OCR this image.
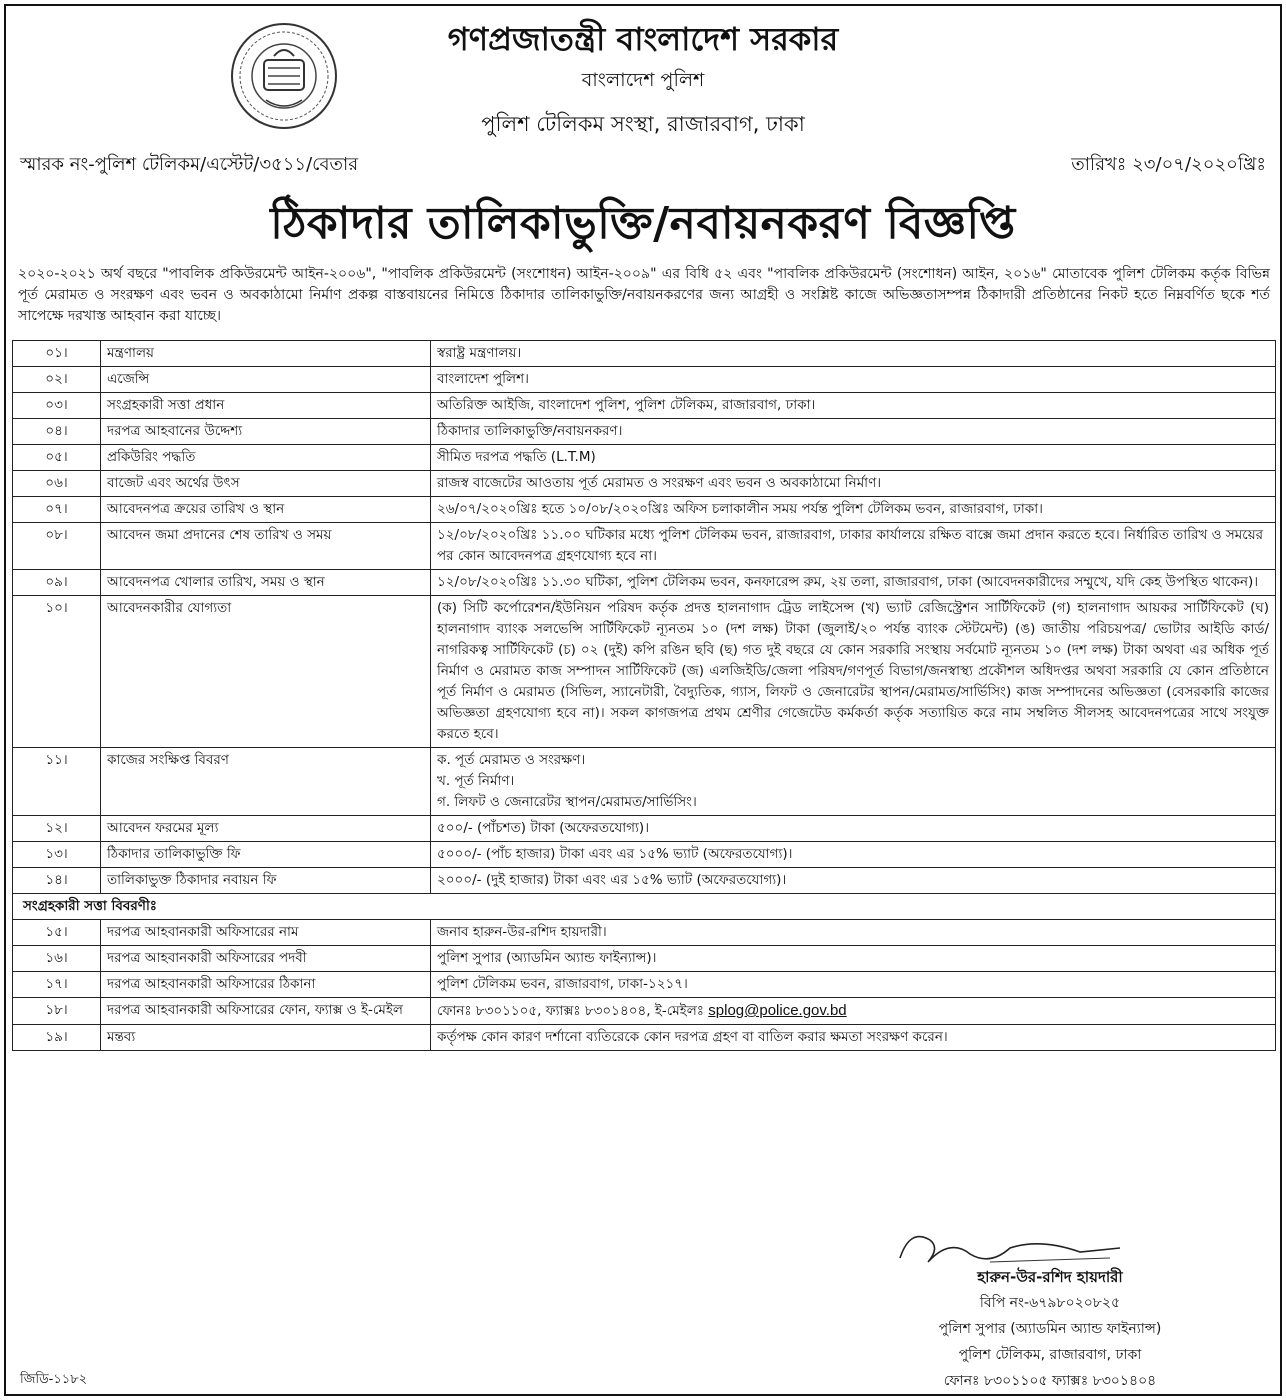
গণপ্রজাতন্ত্রী বাংলাদেশ সরকার
বাংলাদেশ পুলিশ
পুলিশ টেলিকম সংস্থা, রাজারবাগ, ঢাকা
স্মারক নং-পুলিশ টেলিকম/এস্টেট/৩৫১১/বেতার	তারিখঃ ২৩/০৭/২০২০খ্রিঃ
ঠিকাদার তালিকাভুক্তি/নবায়নকরণ বিজ্ঞপ্তি
২০২০-২০২১ অর্থ বছরে "পাবলিক প্রকিউরমেন্ট আইন-২০০৬", "পাবলিক প্রকিউরমেন্ট (সংশোধন) আইন-২০০৯" এর বিধি ৫২ এবং "পাবলিক প্রকিউরমেন্ট (সংশোধন) আইন, ২০১৬" মোতাবেক পুলিশ টেলিকম কর্তৃক বিভিন্ন পূর্ত মেরামত ও সংরক্ষণ এবং ভবন ও অবকাঠামো নির্মাণ প্রকল্প বাস্তবায়নের নিমিত্তে ঠিকাদার তালিকাভুক্তি/নবায়নকরণের জন্য আগ্রহী ও সংশ্লিষ্ট কাজে অভিজ্ঞতাসম্পন্ন ঠিকাদারী প্রতিষ্ঠানের নিকট হতে নিম্নবর্ণিত ছকে শর্ত সাপেক্ষে দরখাস্ত আহবান করা যাচ্ছে।
০১।	মন্ত্রণালয়	স্বরাষ্ট্র মন্ত্রণালয়।
০২।	এজেন্সি	বাংলাদেশ পুলিশ।
০৩।	সংগ্রহকারী সত্তা প্রধান	অতিরিক্ত আইজি, বাংলাদেশ পুলিশ, পুলিশ টেলিকম, রাজারবাগ, ঢাকা।
০৪।	দরপত্র আহবানের উদ্দেশ্য	ঠিকাদার তালিকাভুক্তি/নবায়নকরণ।
০৫।	প্রকিউরিং পদ্ধতি	সীমিত দরপত্র পদ্ধতি (L.T.M)
০৬।	বাজেট এবং অর্থের উৎস	রাজস্ব বাজেটের আওতায় পূর্ত মেরামত ও সংরক্ষণ এবং ভবন ও অবকাঠামো নির্মাণ।
০৭।	আবেদনপত্র ক্রয়ের তারিখ ও স্থান	২৬/০৭/২০২০খ্রিঃ হতে ১০/০৮/২০২০খ্রিঃ অফিস চলাকালীন সময় পর্যন্ত পুলিশ টেলিকম ভবন, রাজারবাগ, ঢাকা।
০৮।	আবেদন জমা প্রদানের শেষ তারিখ ও সময়	১২/০৮/২০২০খ্রিঃ ১১.০০ ঘটিকার মধ্যে পুলিশ টেলিকম ভবন, রাজারবাগ, ঢাকার কার্যালয়ে রক্ষিত বাক্সে জমা প্রদান করতে হবে। নির্ধারিত তারিখ ও সময়ের পর কোন আবেদনপত্র গ্রহণযোগ্য হবে না।
০৯।	আবেদনপত্র খোলার তারিখ, সময় ও স্থান	১২/০৮/২০২০খ্রিঃ ১১.৩০ ঘটিকা, পুলিশ টেলিকম ভবন, কনফারেন্স রুম, ২য় তলা, রাজারবাগ, ঢাকা (আবেদনকারীদের সম্মুখে, যদি কেহ উপস্থিত থাকেন)।
১০।	আবেদনকারীর যোগ্যতা	(ক) সিটি কর্পোরেশন/ইউনিয়ন পরিষদ কর্তৃক প্রদত্ত হালনাগাদ ট্রেড লাইসেন্স (খ) ভ্যাট রেজিস্ট্রেশন সার্টিফিকেট (গ) হালনাগাদ আয়কর সার্টিফিকেট (ঘ) হালনাগাদ ব্যাংক সলভেন্সি সার্টিফিকেট ন্যূনতম ১০ (দশ লক্ষ) টাকা (জুলাই/২০ পর্যন্ত ব্যাংক স্টেটমেন্ট) (ঙ) জাতীয় পরিচয়পত্র/ ভোটার আইডি কার্ড/নাগরিকত্ব সার্টিফিকেট (চ) ০২ (দুই) কপি রঙিন ছবি (ছ) গত দুই বছরে যে কোন সরকারি সংস্থায় সর্বমোট ন্যূনতম ১০ (দশ লক্ষ) টাকা অথবা এর অধিক পূর্ত নির্মাণ ও মেরামত কাজ সম্পাদন সার্টিফিকেট (জ) এলজিইডি/জেলা পরিষদ/গণপূর্ত বিভাগ/জনস্বাস্থ্য প্রকৌশল অধিদপ্তর অথবা সরকারি যে কোন প্রতিষ্ঠানে পূর্ত নির্মাণ ও মেরামত (সিভিল, স্যানেটারী, বৈদ্যুতিক, গ্যাস, লিফট ও জেনারেটর স্থাপন/মেরামত/সার্ভিসিং) কাজ সম্পাদনের অভিজ্ঞতা (বেসরকারি কাজের অভিজ্ঞতা গ্রহণযোগ্য হবে না)। সকল কাগজপত্র প্রথম শ্রেণীর গেজেটেড কর্মকর্তা কর্তৃক সত্যায়িত করে নাম সম্বলিত সীলসহ আবেদনপত্রের সাথে সংযুক্ত করতে হবে।
১১।	কাজের সংক্ষিপ্ত বিবরণ	ক. পূর্ত মেরামত ও সংরক্ষণ।
খ. পূর্ত নির্মাণ।
গ. লিফট ও জেনারেটর স্থাপন/মেরামত/সার্ভিসিং।

১২।	আবেদন ফরমের মূল্য	৫০০/- (পাঁচশত) টাকা (অফেরতযোগ্য)।
১৩।	ঠিকাদার তালিকাভুক্তি ফি	৫০০০/- (পাঁচ হাজার) টাকা এবং এর ১৫% ভ্যাট (অফেরতযোগ্য)।
১৪।	তালিকাভুক্ত ঠিকাদার নবায়ন ফি	২০০০/- (দুই হাজার) টাকা এবং এর ১৫% ভ্যাট (অফেরতযোগ্য)।
সংগ্রহকারী সত্তা বিবরণীঃ		
১৫।	দরপত্র আহবানকারী অফিসারের নাম	জনাব হারুন-উর-রশিদ হায়দারী।
১৬।	দরপত্র আহবানকারী অফিসারের পদবী	পুলিশ সুপার (অ্যাডমিন অ্যান্ড ফাইন্যান্স)।
১৭।	দরপত্র আহবানকারী অফিসারের ঠিকানা	পুলিশ টেলিকম ভবন, রাজারবাগ, ঢাকা-১২১৭।
১৮।	দরপত্র আহবানকারী অফিসারের ফোন, ফ্যাক্স ও ই-মেইল	ফোনঃ ৮৩০১১০৫, ফ্যাক্সঃ ৮৩০১৪০৪, ই-মেইলঃ splog@police.gov.bd
১৯।	মন্তব্য	কর্তৃপক্ষ কোন কারণ দর্শানো ব্যতিরেকে কোন দরপত্র গ্রহণ বা বাতিল করার ক্ষমতা সংরক্ষণ করেন।
হারুন-উর-রশিদ হায়দারী
বিপি নং-৬৭৯৮০২০৮২৫
পুলিশ সুপার (অ্যাডমিন অ্যান্ড ফাইন্যান্স)
পুলিশ টেলিকম, রাজারবাগ, ঢাকা
ফোনঃ ৮৩০১১০৫ ফ্যাক্সঃ ৮৩০১৪০৪
জিডি-১১৮২
